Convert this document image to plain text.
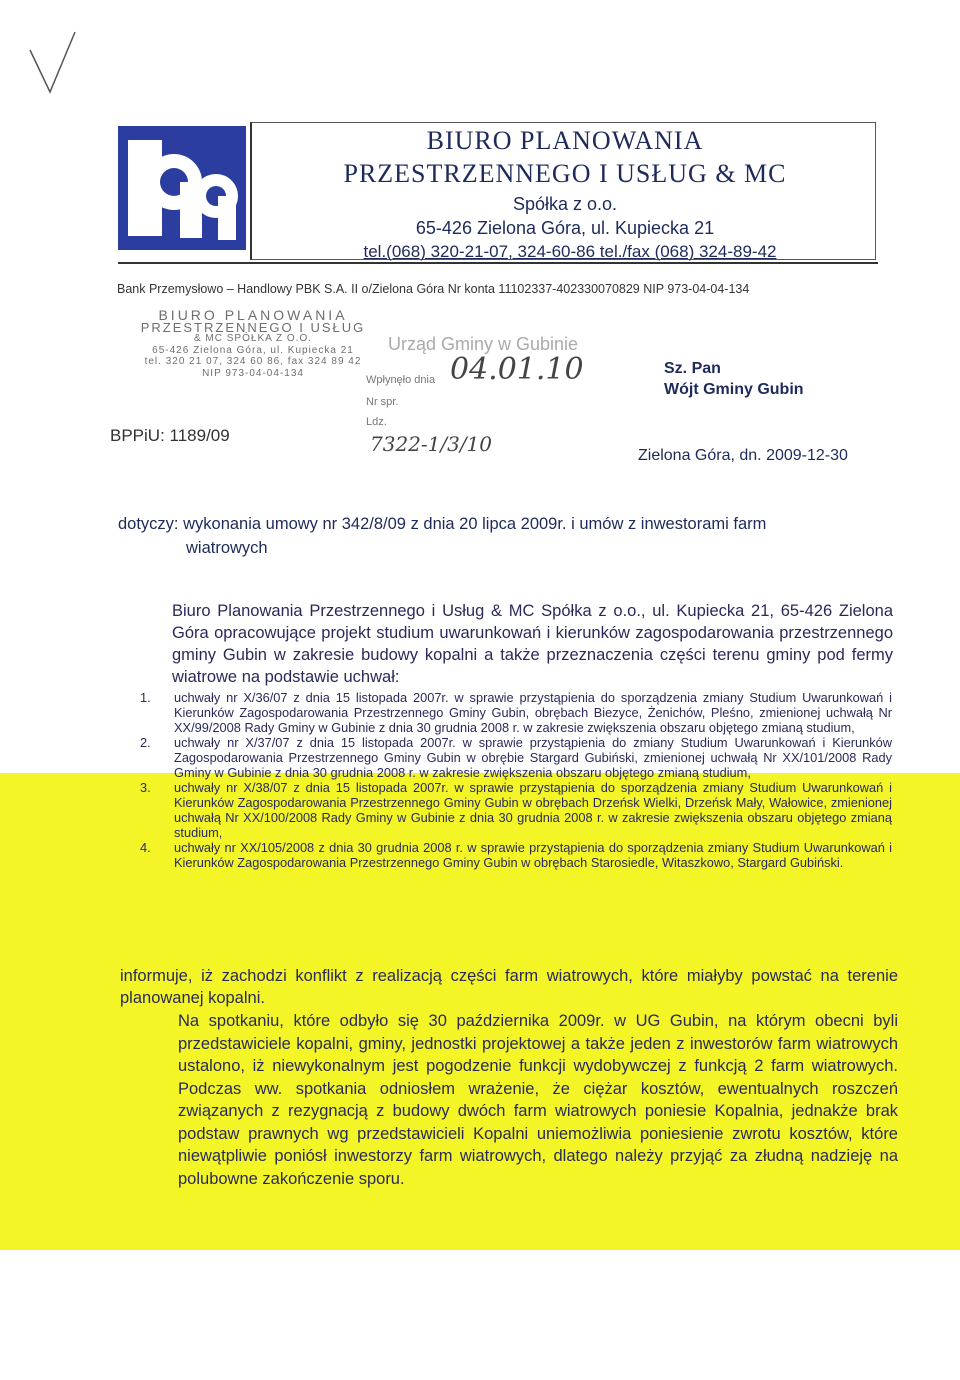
BIURO PLANOWANIA
PRZESTRZENNEGO I USŁUG & MC
Spółka z o.o.
65-426 Zielona Góra, ul. Kupiecka 21
tel.(068) 320-21-07, 324-60-86 tel./fax (068) 324-89-42
Bank Przemysłowo – Handlowy PBK S.A. II o/Zielona Góra Nr konta 11102337-402330070829 NIP 973-04-04-134
BIURO PLANOWANIA
PRZESTRZENNEGO I USŁUG
& MC SPÓŁKA Z O.O.
65-426 Zielona Góra, ul. Kupiecka 21
tel. 320 21 07, 324 60 86, fax 324 89 42
NIP 973-04-04-134
Urząd Gminy w Gubinie
Wpłynęło dnia 04.01.10
Nr spr.
Ldz.
7322-1/3/10
BPPiU: 1189/09
Sz. Pan
Wójt Gminy Gubin
Zielona Góra, dn. 2009-12-30
dotyczy: wykonania umowy nr 342/8/09 z dnia 20 lipca 2009r. i umów z inwestorami farm
wiatrowych
Biuro Planowania Przestrzennego i Usług & MC Spółka z o.o., ul. Kupiecka 21, 65-426 Zielona Góra opracowujące projekt studium uwarunkowań i kierunków zagospodarowania przestrzennego gminy Gubin w zakresie budowy kopalni a także przeznaczenia części terenu gminy pod fermy wiatrowe na podstawie uchwał:
1. uchwały nr X/36/07 z dnia 15 listopada 2007r. w sprawie przystąpienia do sporządzenia zmiany Studium Uwarunkowań i Kierunków Zagospodarowania Przestrzennego Gminy Gubin, obrębach Biezyce, Żenichów, Pleśno, zmienionej uchwałą Nr XX/99/2008 Rady Gminy w Gubinie z dnia 30 grudnia 2008 r. w zakresie zwiększenia obszaru objętego zmianą studium,
2. uchwały nr X/37/07 z dnia 15 listopada 2007r. w sprawie przystąpienia do zmiany Studium Uwarunkowań i Kierunków Zagospodarowania Przestrzennego Gminy Gubin w obrębie Stargard Gubiński, zmienionej uchwałą Nr XX/101/2008 Rady Gminy w Gubinie z dnia 30 grudnia 2008 r. w zakresie zwiększenia obszaru objętego zmianą studium,
3. uchwały nr X/38/07 z dnia 15 listopada 2007r. w sprawie przystąpienia do sporządzenia zmiany Studium Uwarunkowań i Kierunków Zagospodarowania Przestrzennego Gminy Gubin w obrębach Drzeńsk Wielki, Drzeńsk Mały, Wałowice, zmienionej uchwałą Nr XX/100/2008 Rady Gminy w Gubinie z dnia 30 grudnia 2008 r. w zakresie zwiększenia obszaru objętego zmianą studium,
4. uchwały nr XX/105/2008 z dnia 30 grudnia 2008 r. w sprawie przystąpienia do sporządzenia zmiany Studium Uwarunkowań i Kierunków Zagospodarowania Przestrzennego Gminy Gubin w obrębach Starosiedle, Witaszkowo, Stargard Gubiński.
informuje, iż zachodzi konflikt z realizacją części farm wiatrowych, które miałyby powstać na terenie planowanej kopalni.
Na spotkaniu, które odbyło się 30 października 2009r. w UG Gubin, na którym obecni byli przedstawiciele kopalni, gminy, jednostki projektowej a także jeden z inwestorów farm wiatrowych ustalono, iż niewykonalnym jest pogodzenie funkcji wydobywczej z funkcją 2 farm wiatrowych. Podczas ww. spotkania odniosłem wrażenie, że ciężar kosztów, ewentualnych roszczeń związanych z rezygnacją z budowy dwóch farm wiatrowych poniesie Kopalnia, jednakże brak podstaw prawnych wg przedstawicieli Kopalni uniemożliwia poniesienie zwrotu kosztów, które niewątpliwie poniósł inwestorzy farm wiatrowych, dlatego należy przyjąć za złudną nadzieję na polubowne zakończenie sporu.
